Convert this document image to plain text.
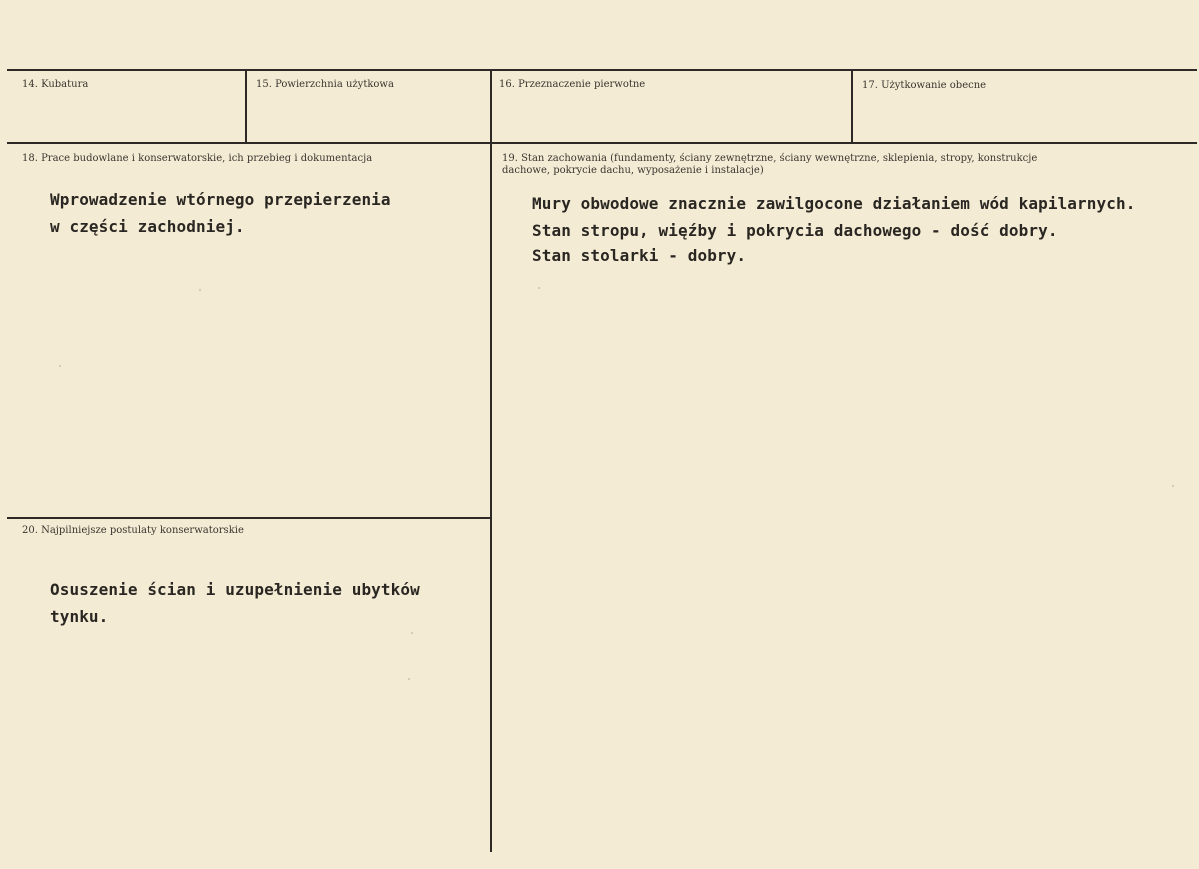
14. Kubatura	15. Powierzchnia użytkowa	16. Przeznaczenie pierwotne	17. Użytkowanie obecne
18. Prace budowlane i konserwatorskie, ich przebieg i dokumentacja
Wprowadzenie wtórnego przepierzenia
w części zachodniej.
19. Stan zachowania (fundamenty, ściany zewnętrzne, ściany wewnętrzne, sklepienia, stropy, konstrukcje dachowe, pokrycie dachu, wyposażenie i instalacje)
Mury obwodowe znacznie zawilgocone działaniem wód kapilarnych.
Stan stropu, więźby i pokrycia dachowego - dość dobry.
Stan stolarki - dobry.
20. Najpilniejsze postulaty konserwatorskie
Osuszenie ścian i uzupełnienie ubytków
tynku.
